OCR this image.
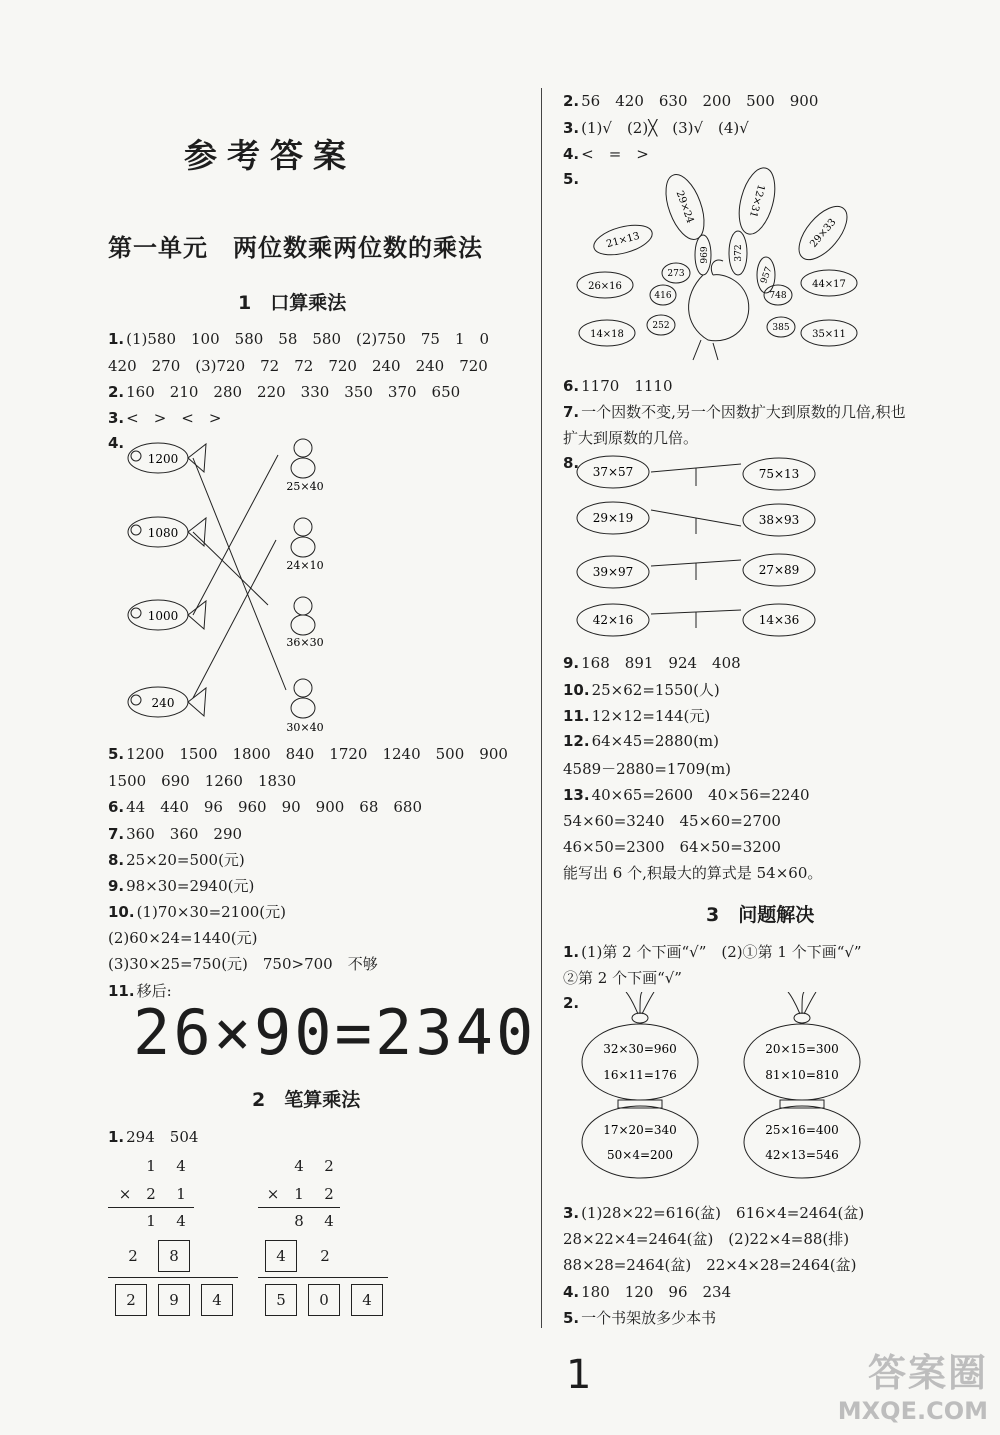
参考答案
第一单元　两位数乘两位数的乘法
1　口算乘法
1. (1)580　100　580　58　580　(2)750　75　1　0
420　270　(3)720　72　72　720　240　240　720
2. 160　210　280　220　330　350　370　650
3. <　>　<　>
4.
1200
1080
1000
240
25×40
24×10
36×30
30×40
5. 1200　1500　1800　840　1720　1240　500　900
1500　690　1260　1830
6. 44　440　96　960　90　900　68　680
7. 360　360　290
8. 25×20=500(元)
9. 98×30=2940(元)
10. (1)70×30=2100(元)
(2)60×24=1440(元)
(3)30×25=750(元)　750>700　不够
11. 移后:
26×90=2340
2　笔算乘法
1. 294　504
1	4
× 2	1
1	4
2	8
2	9	4
4	2
× 1	2
8	4
4	2
5	0	4
2. 56　420　630　200　500　900
3. (1)√　(2)╳　(3)√　(4)√
4. <　=　>
5.
29×24	12×31
21×13	29×33
26×16	44×17
14×18	35×11
696	372
273	957
416	748
252	385
6. 1170　1110
7. 一个因数不变,另一个因数扩大到原数的几倍,积也
扩大到原数的几倍。
8. 37×57
29×19
39×97
42×16
75×13
38×93
27×89
14×36
9. 168　891　924　408
10. 25×62=1550(人)
11. 12×12=144(元)
12. 64×45=2880(m)
4589－2880=1709(m)
13. 40×65=2600　40×56=2240
54×60=3240　45×60=2700
46×50=2300　64×50=3200
能写出 6 个,积最大的算式是 54×60。
3　问题解决
1. (1)第 2 个下画“√”　(2)①第 1 个下画“√”
②第 2 个下画“√”
2.
32×30=960
16×11=176
17×20=340
50×4=200
20×15=300
81×10=810
25×16=400
42×13=546
3. (1)28×22=616(盆)　616×4=2464(盆)
28×22×4=2464(盆)　(2)22×4=88(排)
88×28=2464(盆)　22×4×28=2464(盆)
4. 180　120　96　234
5. 一个书架放多少本书
1	答案圈
MXQE.COM
